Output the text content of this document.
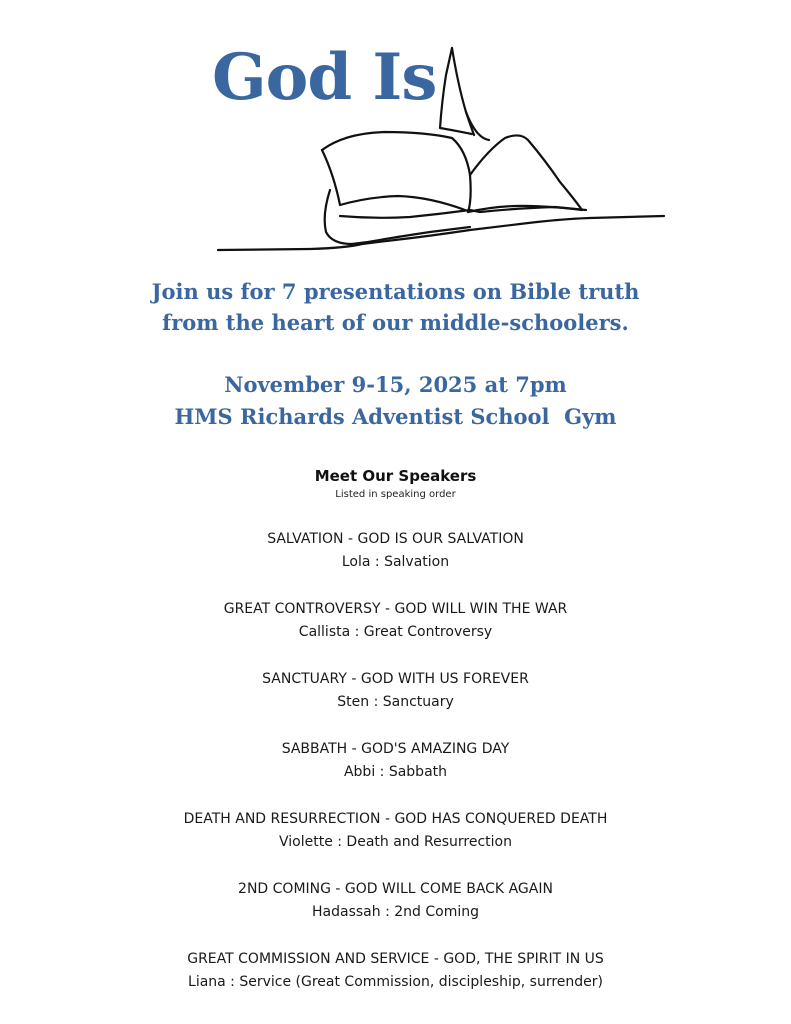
God Is
Join us for 7 presentations on Bible truth
from the heart of our middle-schoolers.
November 9-15, 2025 at 7pm
HMS Richards Adventist School  Gym
Meet Our Speakers
Listed in speaking order
SALVATION - GOD IS OUR SALVATION
Lola : Salvation
GREAT CONTROVERSY - GOD WILL WIN THE WAR
Callista : Great Controversy
SANCTUARY - GOD WITH US FOREVER
Sten : Sanctuary
SABBATH - GOD'S AMAZING DAY
Abbi : Sabbath
DEATH AND RESURRECTION - GOD HAS CONQUERED DEATH
Violette : Death and Resurrection
2ND COMING - GOD WILL COME BACK AGAIN
Hadassah : 2nd Coming
GREAT COMMISSION AND SERVICE - GOD, THE SPIRIT IN US
Liana : Service (Great Commission, discipleship, surrender)
